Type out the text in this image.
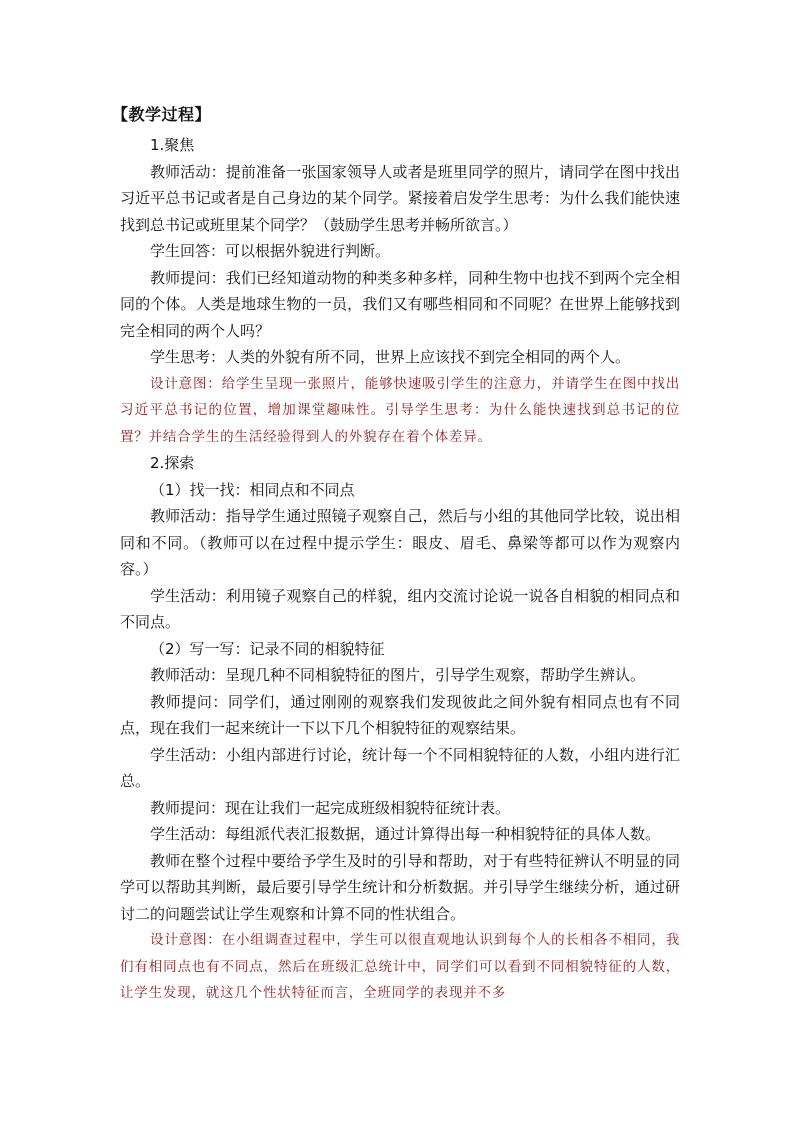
【教学过程】

1.聚焦

教师活动：提前准备一张国家领导人或者是班里同学的照片，请同学在图中找出习近平总书记或者是自己身边的某个同学。紧接着启发学生思考：为什么我们能快速找到总书记或班里某个同学？（鼓励学生思考并畅所欲言。）

学生回答：可以根据外貌进行判断。

教师提问：我们已经知道动物的种类多种多样，同种生物中也找不到两个完全相同的个体。人类是地球生物的一员，我们又有哪些相同和不同呢？在世界上能够找到完全相同的两个人吗？

学生思考：人类的外貌有所不同，世界上应该找不到完全相同的两个人。

设计意图：给学生呈现一张照片，能够快速吸引学生的注意力，并请学生在图中找出习近平总书记的位置，增加课堂趣味性。引导学生思考：为什么能快速找到总书记的位置？并结合学生的生活经验得到人的外貌存在着个体差异。

2.探索

（1）找一找：相同点和不同点

教师活动：指导学生通过照镜子观察自己，然后与小组的其他同学比较，说出相同和不同。（教师可以在过程中提示学生：眼皮、眉毛、鼻梁等都可以作为观察内容。）

学生活动：利用镜子观察自己的样貌，组内交流讨论说一说各自相貌的相同点和不同点。

（2）写一写：记录不同的相貌特征

教师活动：呈现几种不同相貌特征的图片，引导学生观察，帮助学生辨认。

教师提问：同学们，通过刚刚的观察我们发现彼此之间外貌有相同点也有不同点，现在我们一起来统计一下以下几个相貌特征的观察结果。

学生活动：小组内部进行讨论，统计每一个不同相貌特征的人数，小组内进行汇总。

教师提问：现在让我们一起完成班级相貌特征统计表。

学生活动：每组派代表汇报数据，通过计算得出每一种相貌特征的具体人数。

教师在整个过程中要给予学生及时的引导和帮助，对于有些特征辨认不明显的同学可以帮助其判断，最后要引导学生统计和分析数据。并引导学生继续分析，通过研讨二的问题尝试让学生观察和计算不同的性状组合。

设计意图：在小组调查过程中，学生可以很直观地认识到每个人的长相各不相同，我们有相同点也有不同点，然后在班级汇总统计中，同学们可以看到不同相貌特征的人数，让学生发现，就这几个性状特征而言，全班同学的表现并不多
